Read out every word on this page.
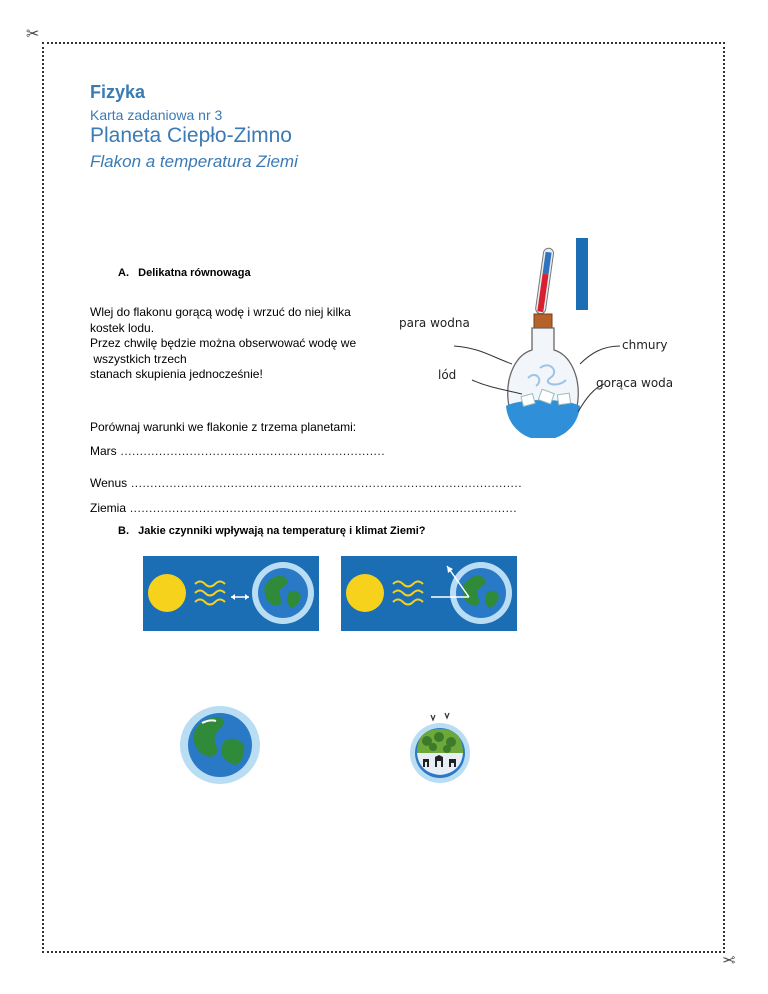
✂
✂
Fizyka
Karta zadaniowa nr 3
Planeta Ciepło-Zimno
Flakon a temperatura Ziemi
A.   Delikatna równowaga
Wlej do flakonu gorącą wodę i wrzuć do niej kilka
kostek lodu.
Przez chwilę będzie można obserwować wodę we
wszystkich trzech
stanach skupienia jednocześnie!
Porównaj warunki we flakonie z trzema planetami:
para wodna
chmury
lód
gorąca woda
Mars .....................................................................
Wenus ......................................................................................................
Ziemia .....................................................................................................
B.   Jakie czynniki wpływają na temperaturę i klimat Ziemi?
